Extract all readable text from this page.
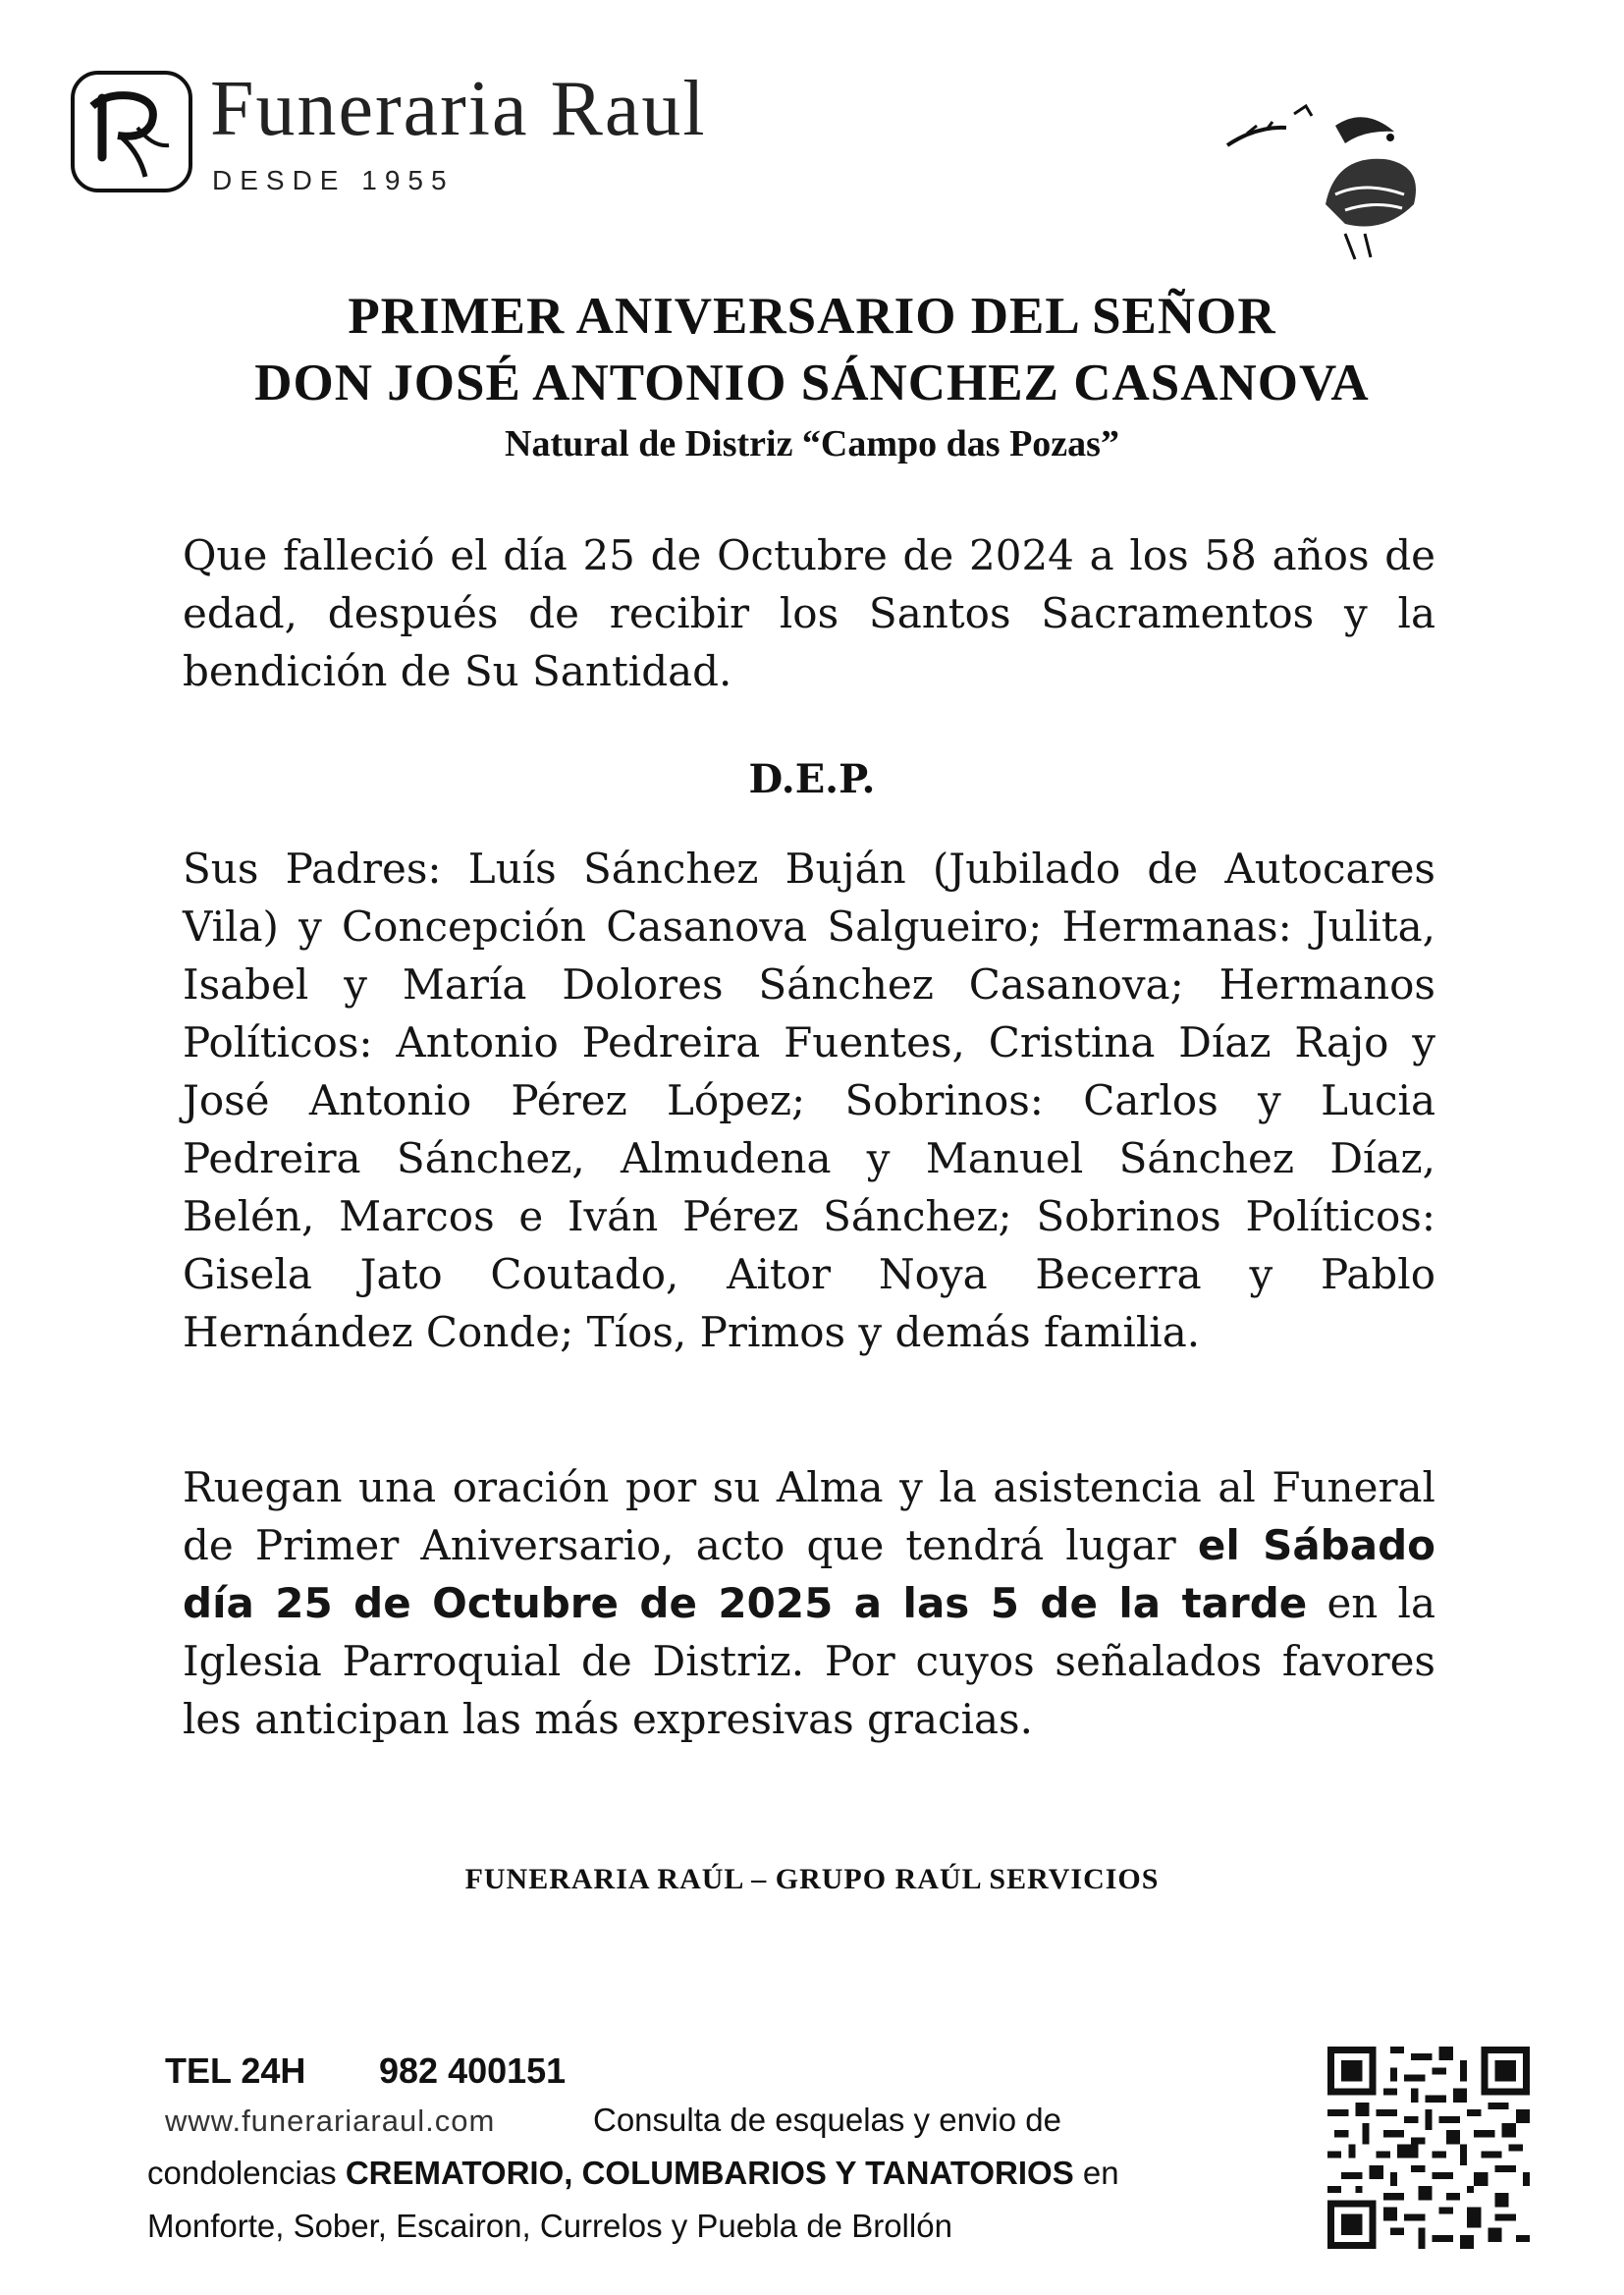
Funeraria Raul
DESDE 1955
PRIMER ANIVERSARIO DEL SEÑOR
DON JOSÉ ANTONIO SÁNCHEZ CASANOVA
Natural de Distriz “Campo das Pozas”
Que falleció el día 25 de Octubre de 2024 a los 58 años de edad, después de recibir los Santos Sacramentos y la bendición de Su Santidad.
D.E.P.
Sus Padres: Luís Sánchez Buján (Jubilado de Autocares Vila) y Concepción Casanova Salgueiro; Hermanas: Julita, Isabel y María Dolores Sánchez Casanova; Hermanos Políticos: Antonio Pedreira Fuentes, Cristina Díaz Rajo y José Antonio Pérez López; Sobrinos: Carlos y Lucia Pedreira Sánchez, Almudena y Manuel Sánchez Díaz, Belén, Marcos e Iván Pérez Sánchez; Sobrinos Políticos: Gisela Jato Coutado, Aitor Noya Becerra y Pablo Hernández Conde; Tíos, Primos y demás familia.
Ruegan una oración por su Alma y la asistencia al Funeral de Primer Aniversario, acto que tendrá lugar el Sábado día 25 de Octubre de 2025 a las 5 de la tarde en la Iglesia Parroquial de Distriz. Por cuyos señalados favores les anticipan las más expresivas gracias.
FUNERARIA RAÚL – GRUPO RAÚL SERVICIOS
TEL 24H 982 400151
www.funerariaraul.com	Consulta de esquelas y envio de
condolencias CREMATORIO, COLUMBARIOS Y TANATORIOS en
Monforte, Sober, Escairon, Currelos y Puebla de Brollón
